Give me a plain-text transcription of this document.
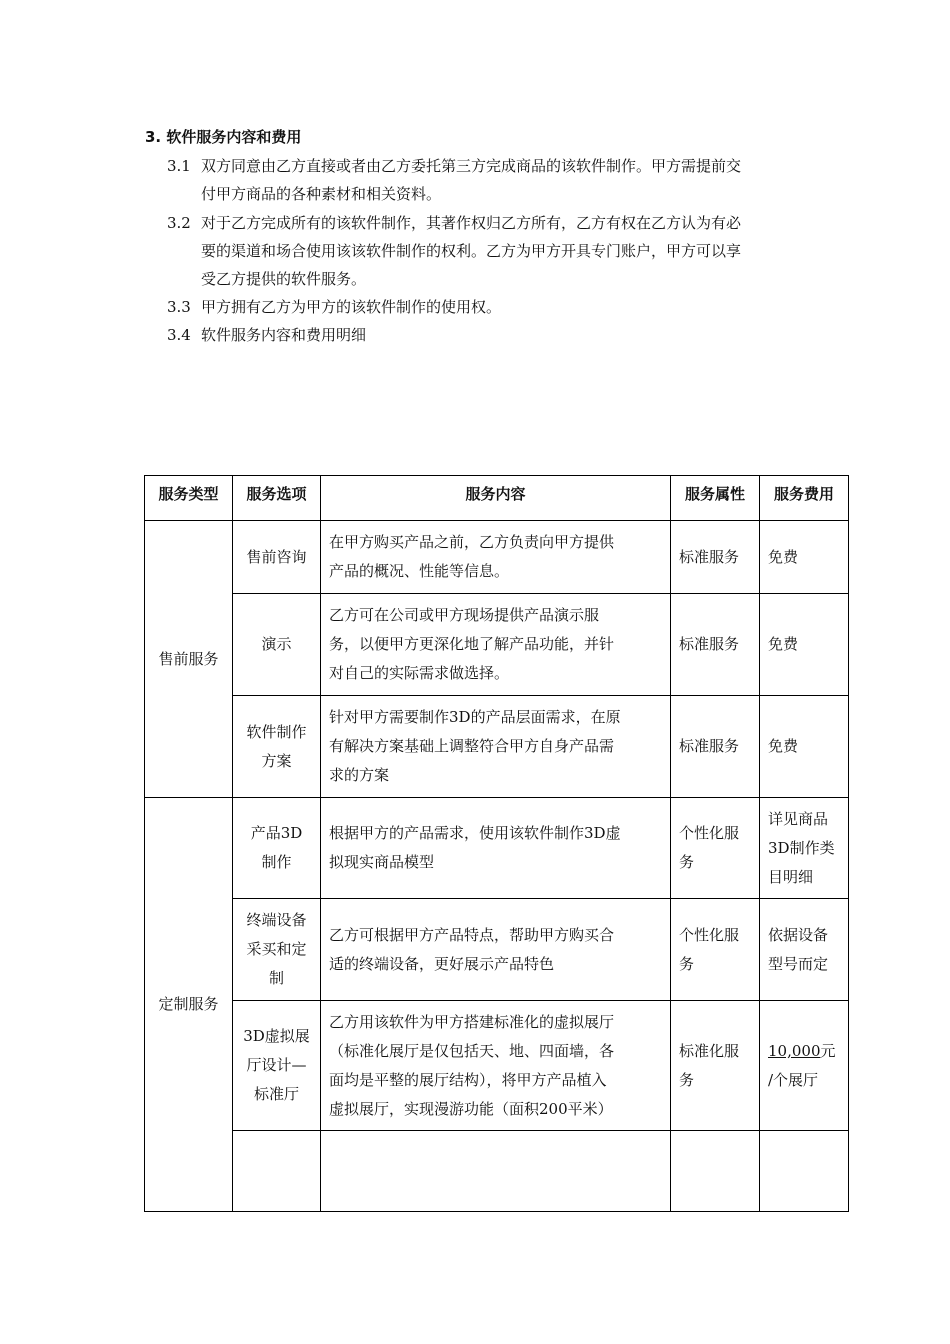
3. 软件服务内容和费用
3.1 双方同意由乙方直接或者由乙方委托第三方完成商品的该软件制作。甲方需提前交
付甲方商品的各种素材和相关资料。
3.2 对于乙方完成所有的该软件制作，其著作权归乙方所有，乙方有权在乙方认为有必
要的渠道和场合使用该该软件制作的权利。乙方为甲方开具专门账户，甲方可以享
受乙方提供的软件服务。
3.3 甲方拥有乙方为甲方的该软件制作的使用权。
3.4 软件服务内容和费用明细
服务类型	服务选项	服务内容	服务属性	服务费用
售前服务	售前咨询	在甲方购买产品之前，乙方负责向甲方提供
产品的概况、性能等信息。	标准服务	免费

	演示	乙方可在公司或甲方现场提供产品演示服
务，以便甲方更深化地了解产品功能，并针
对自己的实际需求做选择。	标准服务	免费

	软件制作
方案	针对甲方需要制作3D的产品层面需求，在原
有解决方案基础上调整符合甲方自身产品需
求的方案	标准服务	免费

定制服务	产品3D
制作	根据甲方的产品需求，使用该软件制作3D虚
拟现实商品模型	个性化服
务	详见商品
3D制作类
目明细

	终端设备
采买和定
制	乙方可根据甲方产品特点，帮助甲方购买合
适的终端设备，更好展示产品特色	个性化服
务	依据设备
型号而定

	3D虚拟展
厅设计—
标准厅	乙方用该软件为甲方搭建标准化的虚拟展厅
（标准化展厅是仅包括天、地、四面墙，各
面均是平整的展厅结构），将甲方产品植入
虚拟展厅，实现漫游功能（面积200平米）	标准化服
务	10,000元
/个展厅
